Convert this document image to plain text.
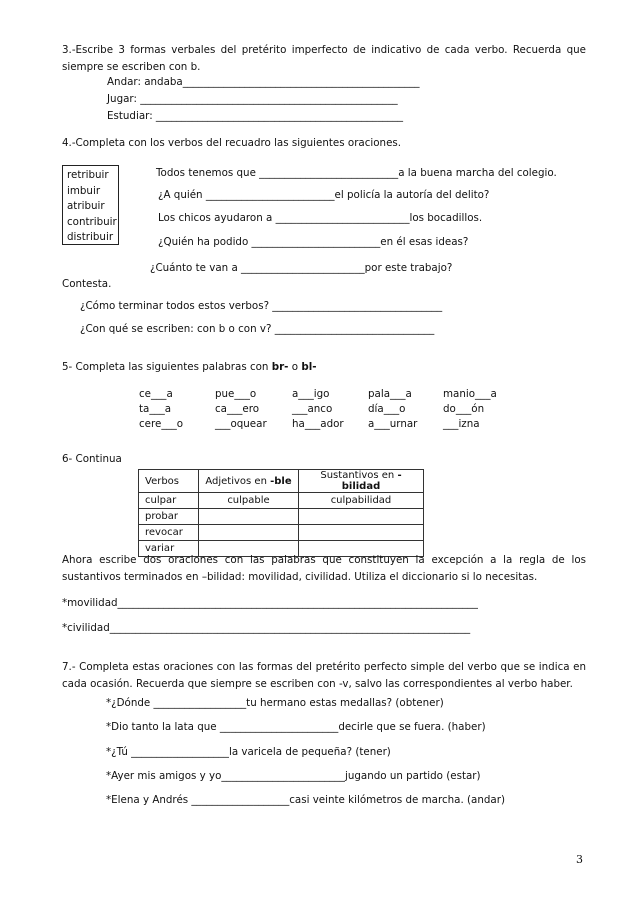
3.-Escribe 3 formas verbales del pretérito imperfecto de indicativo de cada verbo. Recuerda que siempre se escriben con b.
Andar: andaba______________________________________________
Jugar: __________________________________________________
Estudiar: ________________________________________________
4.-Completa con los verbos del recuadro las siguientes oraciones.
retribuir
imbuir
atribuir
contribuir
distribuir
Todos tenemos que ___________________________a la buena marcha del colegio.
¿A quién _________________________el policía la autoría del delito?
Los chicos ayudaron a __________________________los bocadillos.
¿Quién ha podido _________________________en él esas ideas?
¿Cuánto te van a ________________________por este trabajo?
Contesta.
¿Cómo terminar todos estos verbos? _________________________________
¿Con qué se escriben: con b o con v? _______________________________
5- Completa las siguientes palabras con br- o bl-
ce___a	pue___o	a___igo	pala___a	manio___a
ta___a	ca___ero	___anco	día___o	do___ón
cere___o	___oquear ha___ador a___urnar ___izna
6- Continua
Verbos	Adjetivos en -ble	Sustantivos en -bilidad
culpar	culpable	culpabilidad
probar		
revocar		
variar		
Ahora escribe dos oraciones con las palabras que constituyen la excepción a la regla de los sustantivos terminados en –bilidad: movilidad, civilidad. Utiliza el diccionario si lo necesitas.
*movilidad______________________________________________________________________
*civilidad______________________________________________________________________
7.- Completa estas oraciones con las formas del pretérito perfecto simple del verbo que se indica en cada ocasión. Recuerda que siempre se escriben con -v, salvo las correspondientes al verbo haber.
*¿Dónde __________________tu hermano estas medallas? (obtener)
*Dio tanto la lata que _______________________decirle que se fuera. (haber)
*¿Tú ___________________la varicela de pequeña? (tener)
*Ayer mis amigos y yo________________________jugando un partido (estar)
*Elena y Andrés ___________________casi veinte kilómetros de marcha. (andar)
3
